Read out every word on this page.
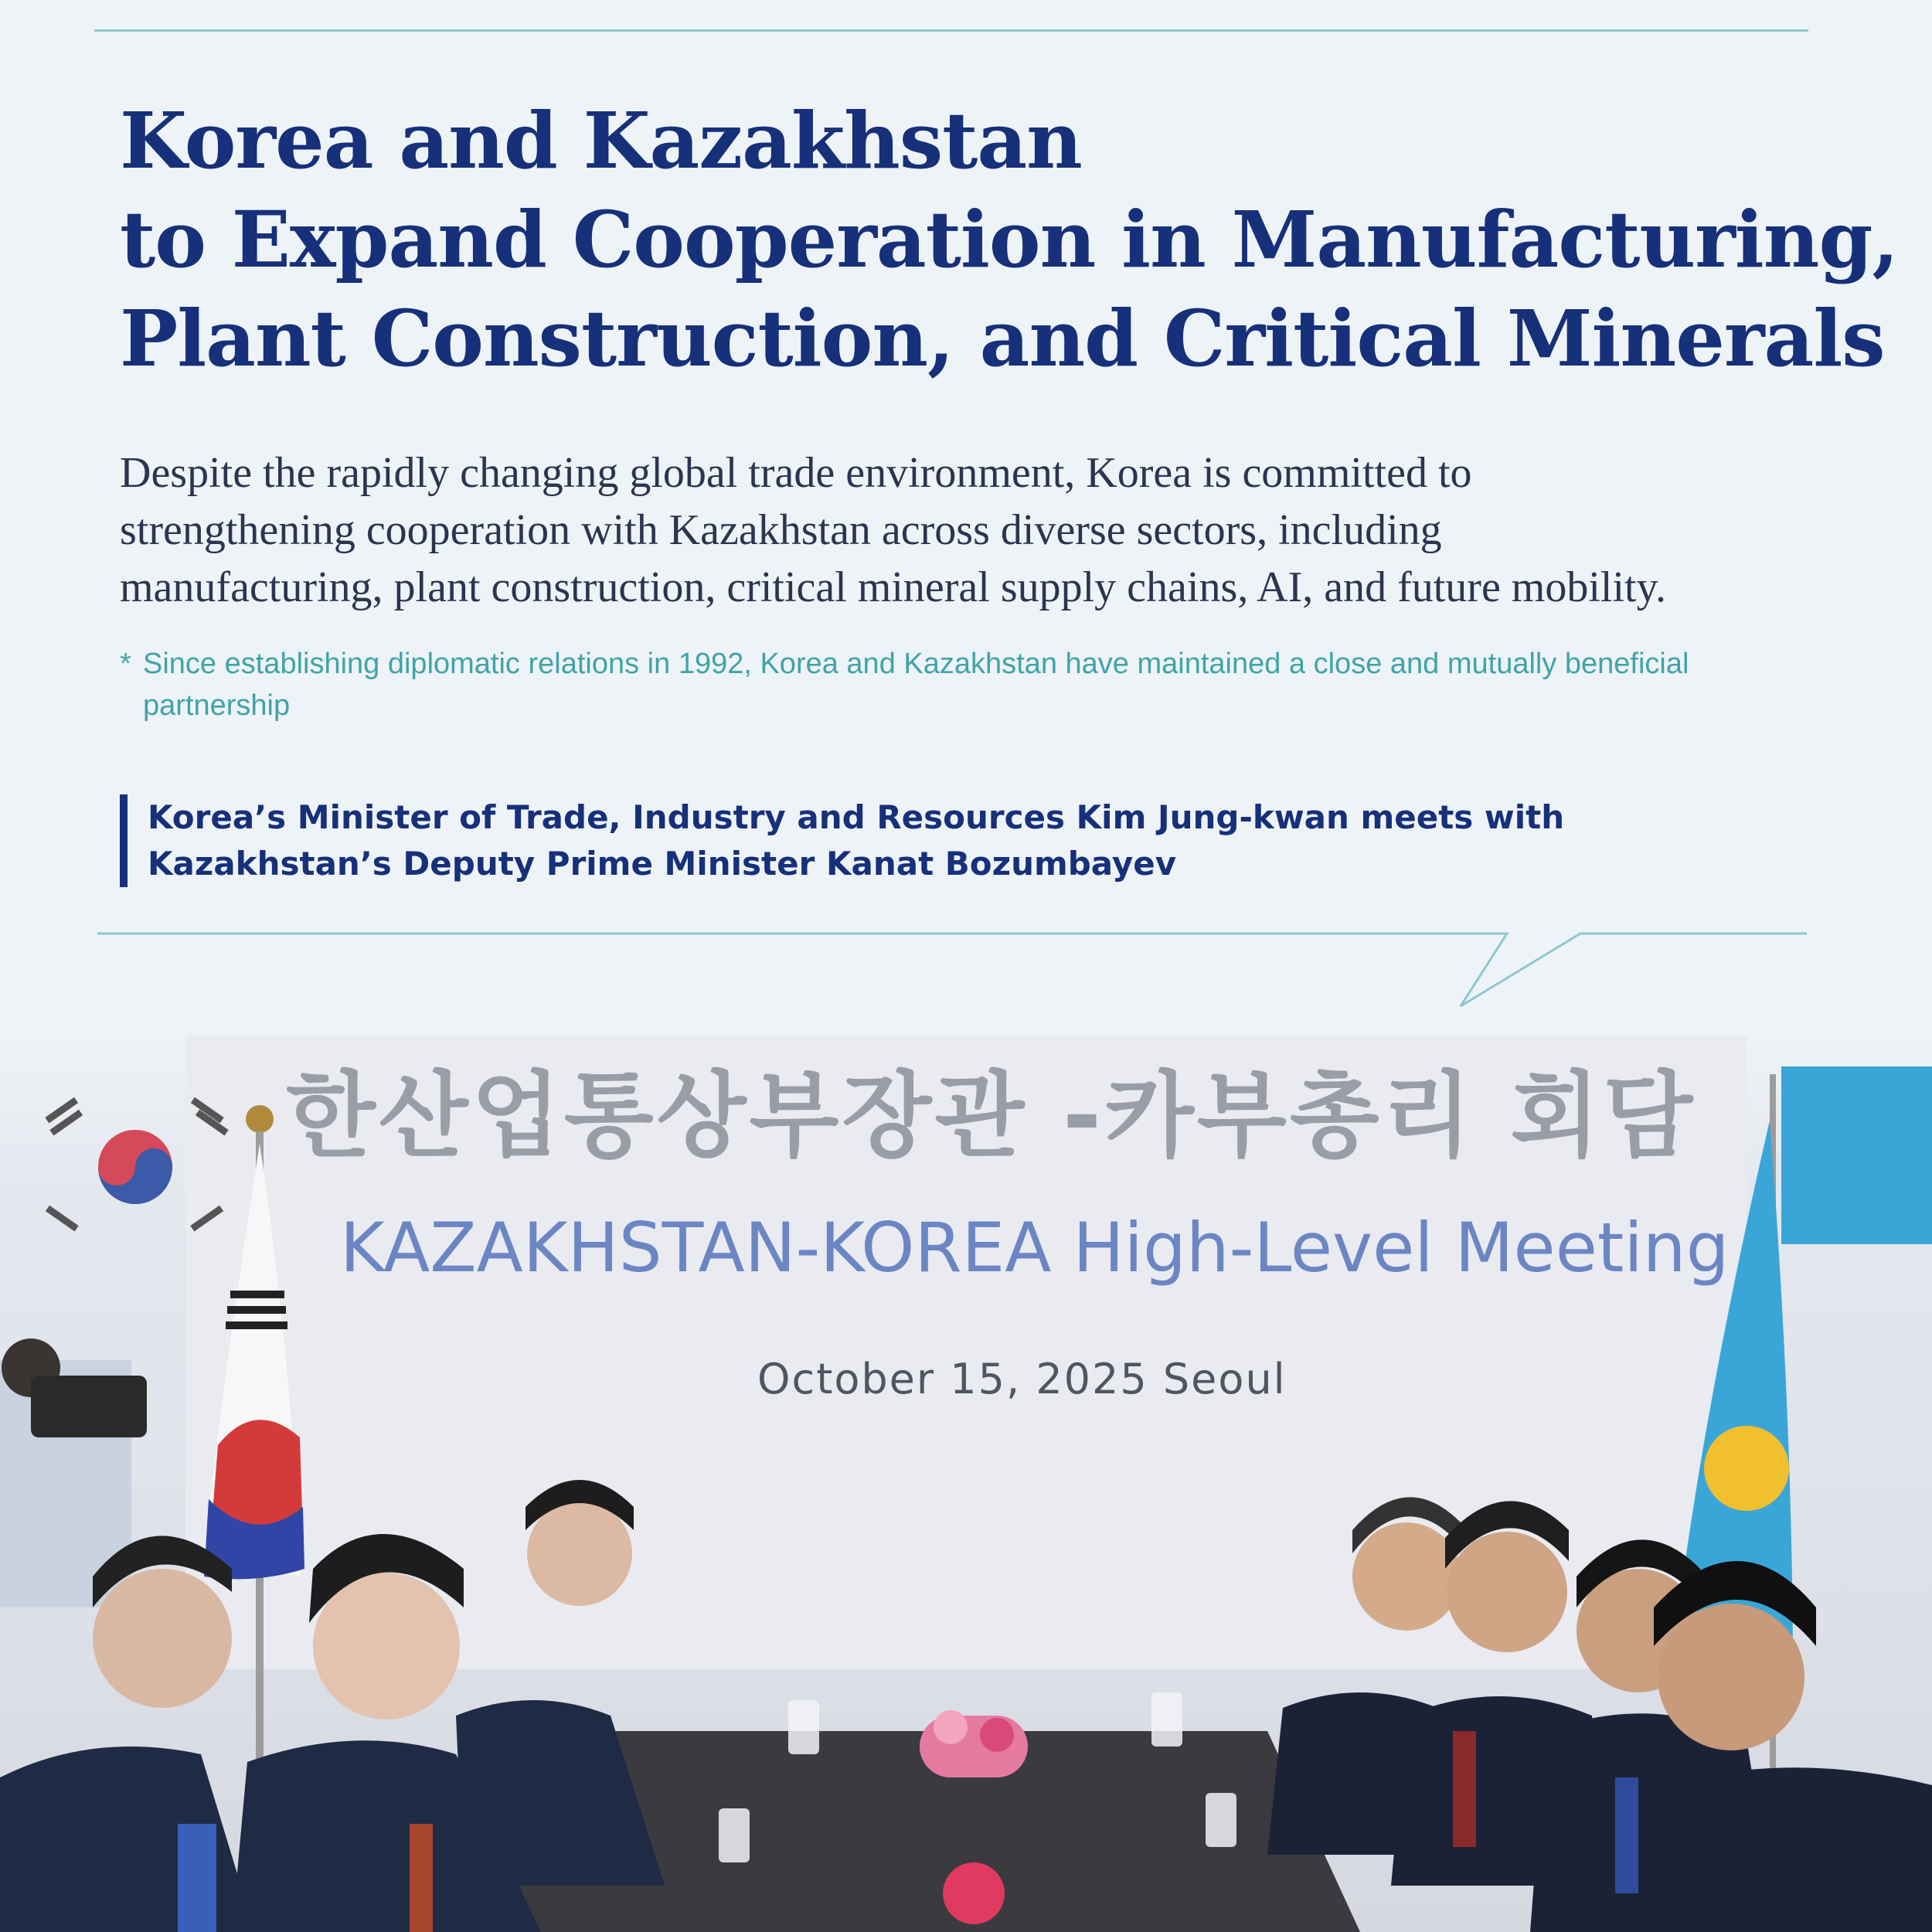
Korea and Kazakhstan
to Expand Cooperation in Manufacturing,
Plant Construction, and Critical Minerals

Despite the rapidly changing global trade environment, Korea is committed to
strengthening cooperation with Kazakhstan across diverse sectors, including
manufacturing, plant construction, critical mineral supply chains, AI, and future mobility.

* Since establishing diplomatic relations in 1992, Korea and Kazakhstan have maintained a close and mutually beneficial partnership
Korea’s Minister of Trade, Industry and Resources Kim Jung-kwan meets with
Kazakhstan’s Deputy Prime Minister Kanat Bozumbayev
한산업통상부장관 -카부총리 회담
KAZAKHSTAN-KOREA High-Level Meeting
October 15, 2025 Seoul
